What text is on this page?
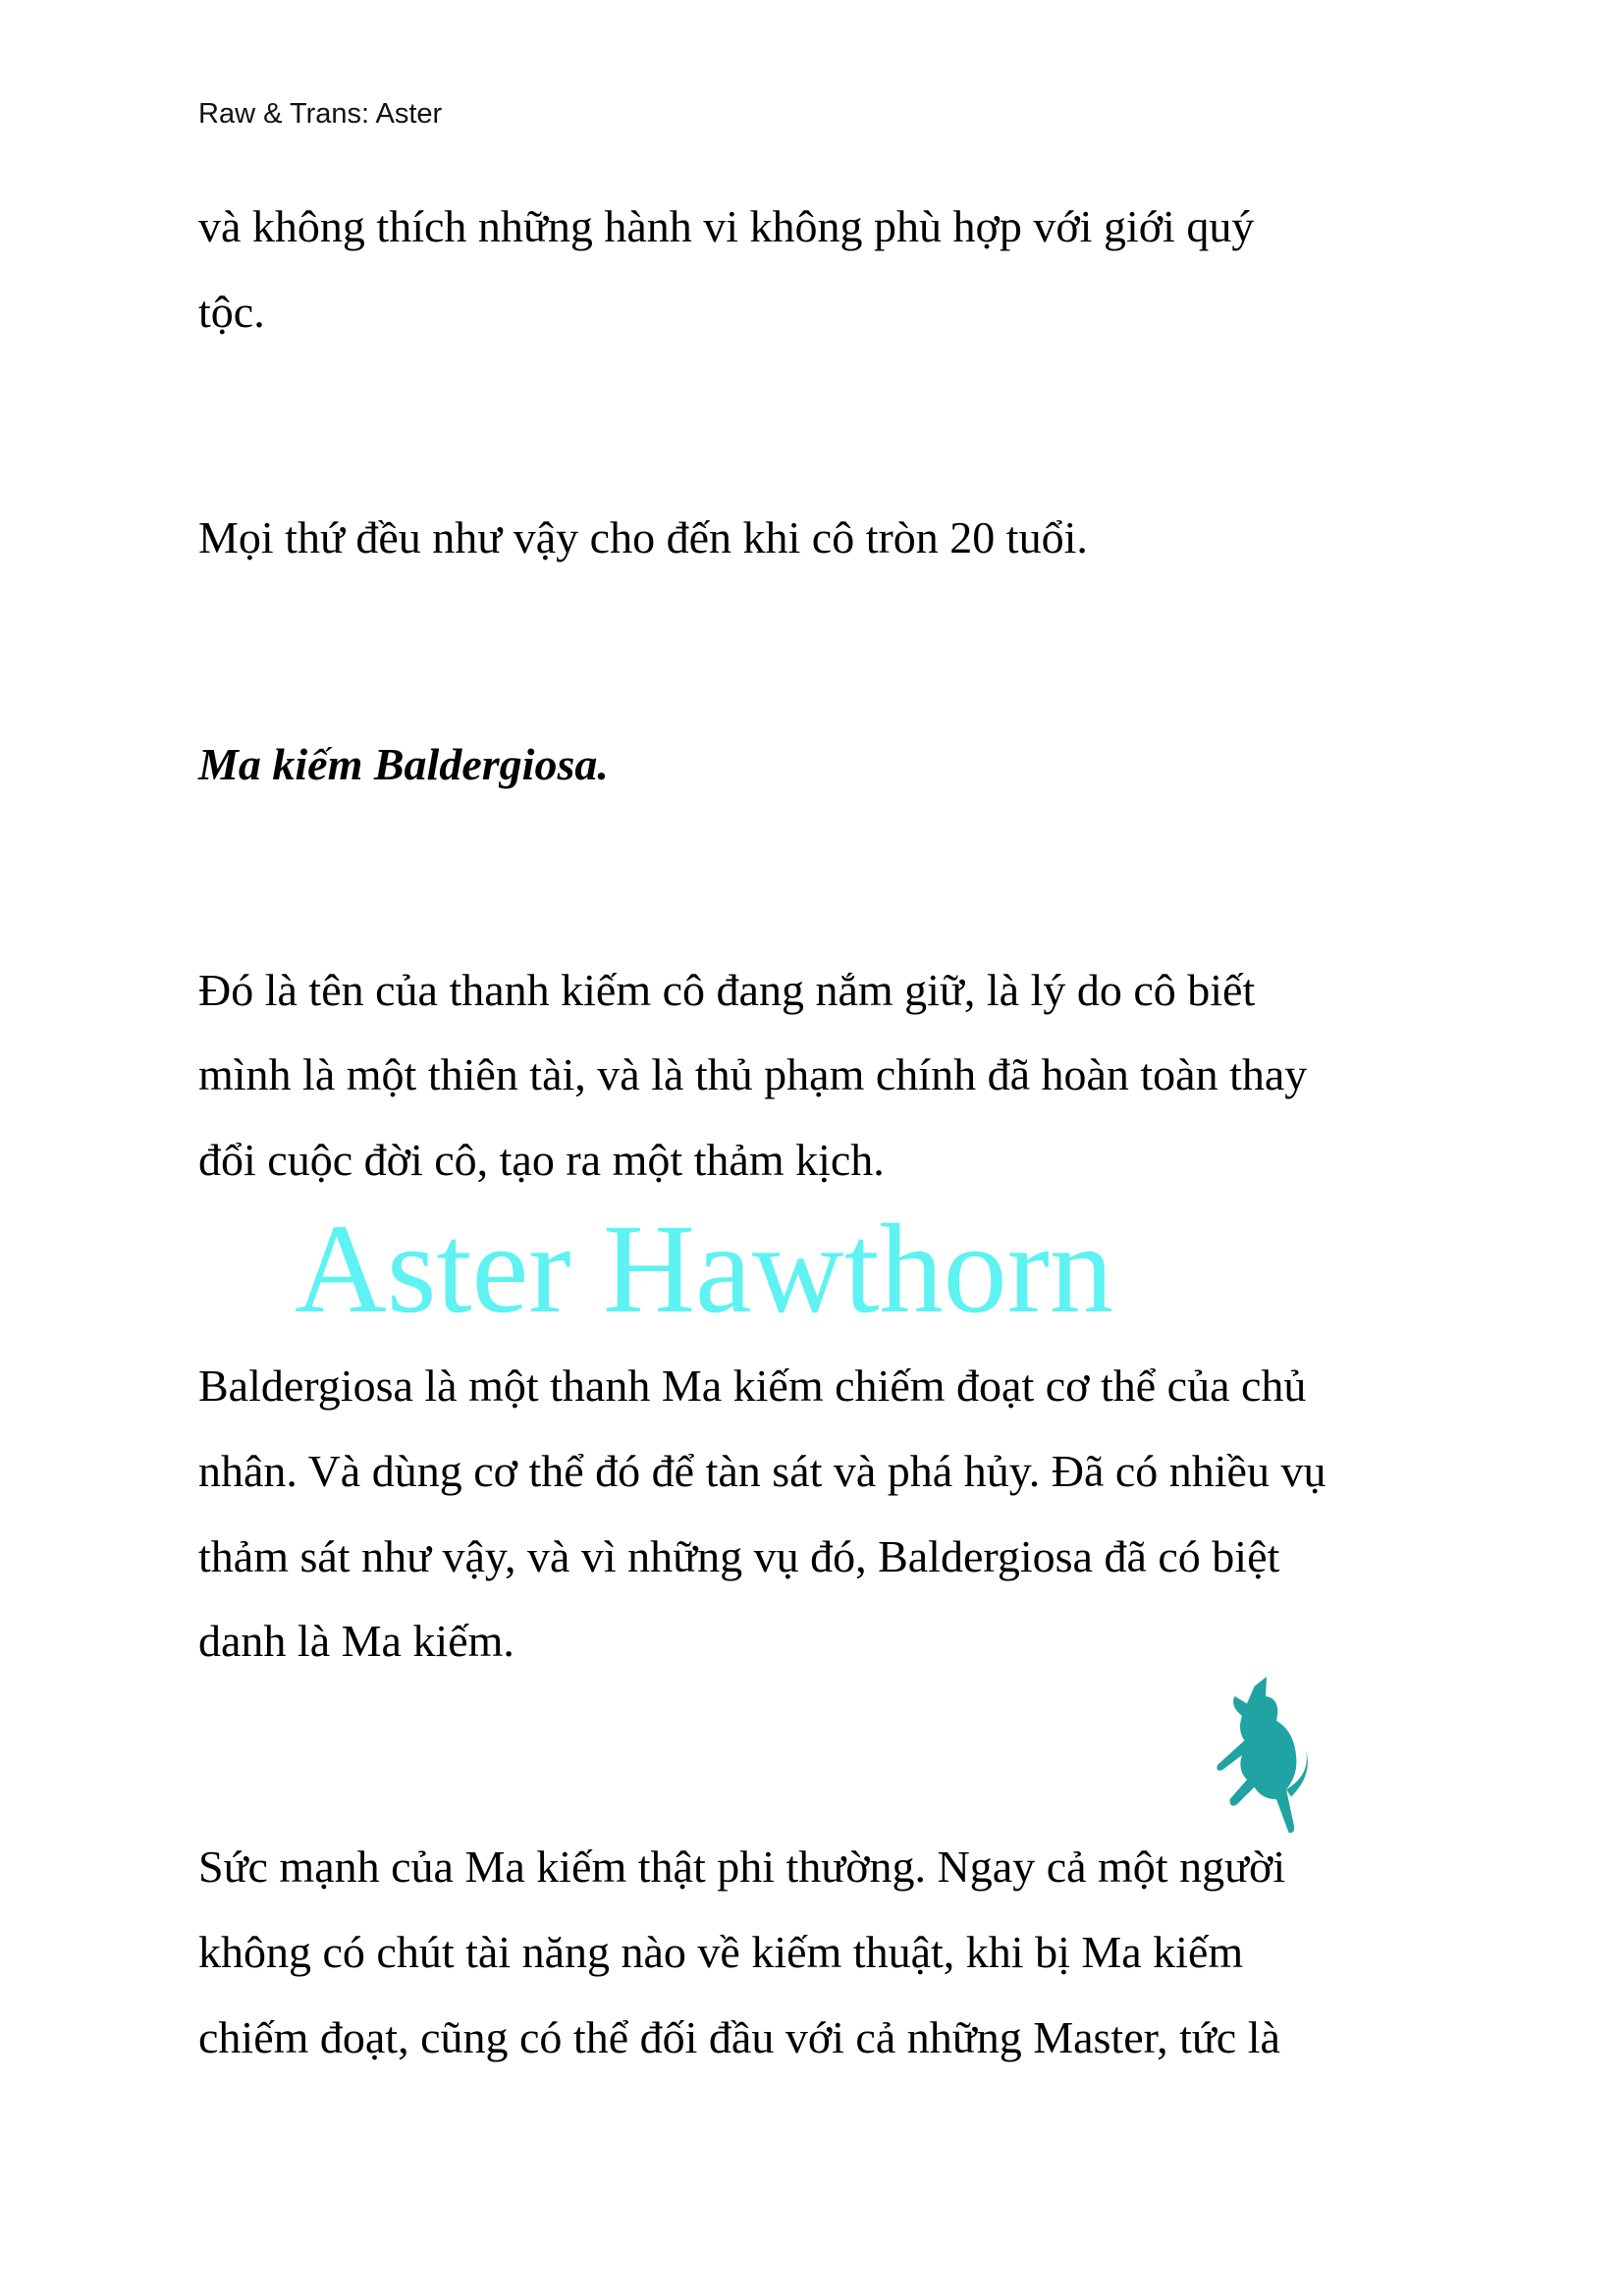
Raw & Trans: Aster
và không thích những hành vi không phù hợp với giới quý
tộc.
Mọi thứ đều như vậy cho đến khi cô tròn 20 tuổi.
Ma kiếm Baldergiosa.
Đó là tên của thanh kiếm cô đang nắm giữ, là lý do cô biết
mình là một thiên tài, và là thủ phạm chính đã hoàn toàn thay
đổi cuộc đời cô, tạo ra một thảm kịch.
Baldergiosa là một thanh Ma kiếm chiếm đoạt cơ thể của chủ
nhân. Và dùng cơ thể đó để tàn sát và phá hủy. Đã có nhiều vụ
thảm sát như vậy, và vì những vụ đó, Baldergiosa đã có biệt
danh là Ma kiếm.
Sức mạnh của Ma kiếm thật phi thường. Ngay cả một người
không có chút tài năng nào về kiếm thuật, khi bị Ma kiếm
chiếm đoạt, cũng có thể đối đầu với cả những Master, tức là
Aster Hawthorn
